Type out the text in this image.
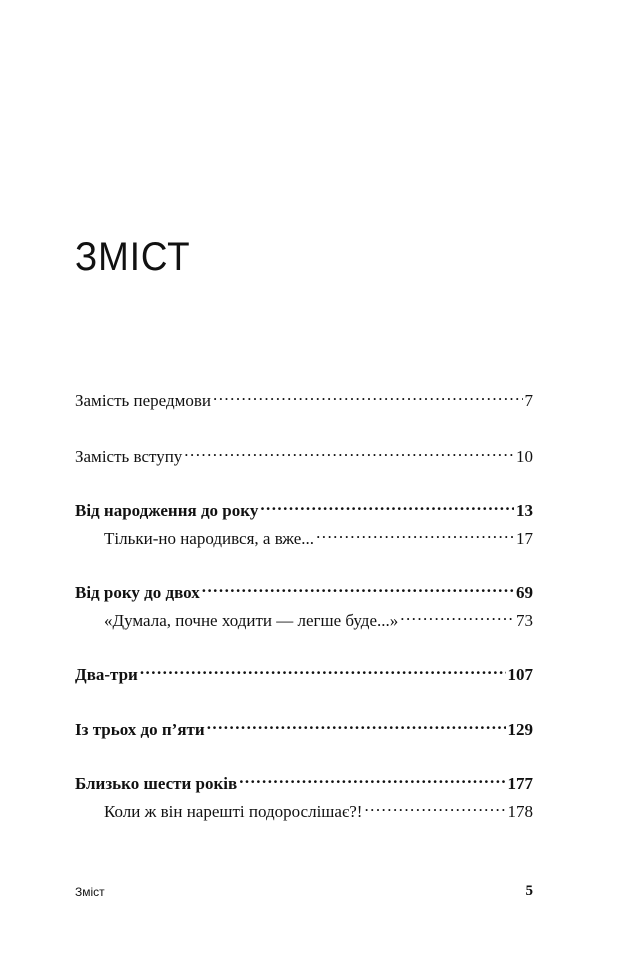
ЗМІСТ
Замість передмови . . .	7
Замість вступу . . .	10
Від народження до року . . .	13
Тільки-но народився, а вже... . . .	17
Від року до двох . . .	69
«Думала, почне ходити — легше буде...» . . .	73
Два-три . . .	107
Із трьох до п’яти . . .	129
Близько шести років . . .	177
Коли ж він нарешті подорослішає?! . . .	178
Зміст	5
